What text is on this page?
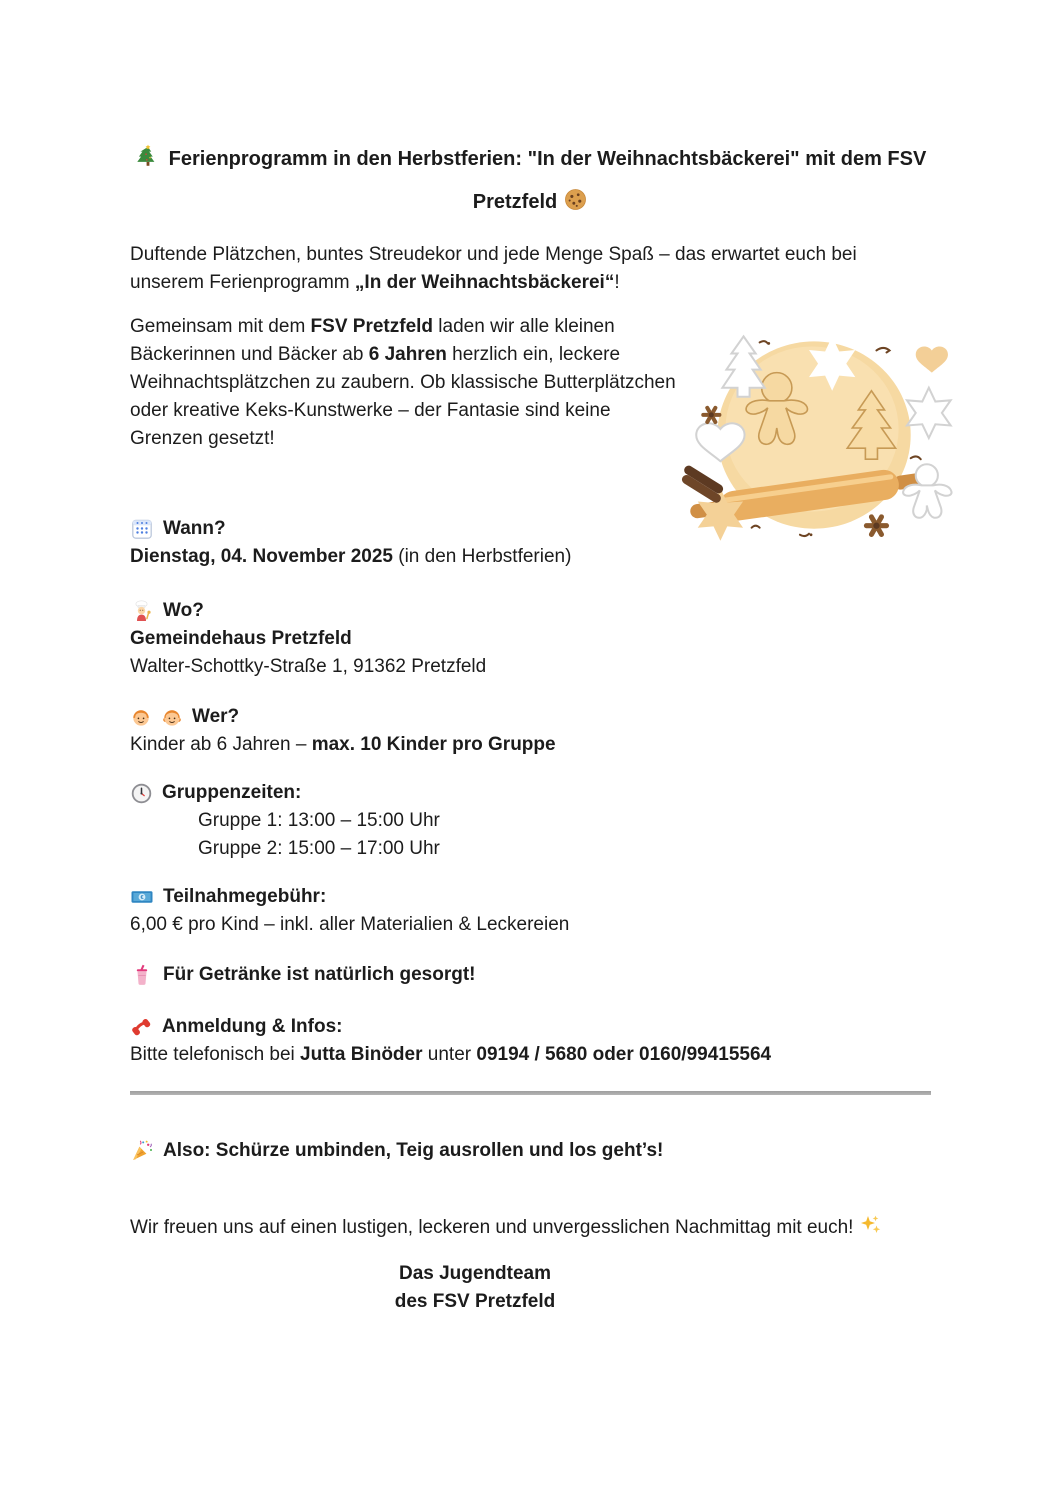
Ferienprogramm in den Herbstferien: "In der Weihnachtsbäckerei" mit dem FSV
Pretzfeld

Duftende Plätzchen, buntes Streudekor und jede Menge Spaß – das erwartet euch bei unserem Ferienprogramm „In der Weihnachtsbäckerei“!

Gemeinsam mit dem FSV Pretzfeld laden wir alle kleinen Bäckerinnen und Bäcker ab 6 Jahren herzlich ein, leckere Weihnachtsplätzchen zu zaubern. Ob klassische Butterplätzchen oder kreative Keks-Kunstwerke – der Fantasie sind keine Grenzen gesetzt!

Wann?
Dienstag, 04. November 2025 (in den Herbstferien)
Wo?
Gemeindehaus Pretzfeld
Walter-Schottky-Straße 1, 91362 Pretzfeld
Wer?
Kinder ab 6 Jahren – max. 10 Kinder pro Gruppe
Gruppenzeiten:
Gruppe 1: 13:00 – 15:00 Uhr
Gruppe 2: 15:00 – 17:00 Uhr
€ Teilnahmegebühr:
6,00 € pro Kind – inkl. aller Materialien & Leckereien
Für Getränke ist natürlich gesorgt!
Anmeldung & Infos:
Bitte telefonisch bei Jutta Binöder unter 09194 / 5680 oder 0160/99415564
Also: Schürze umbinden, Teig ausrollen und los geht’s!

Wir freuen uns auf einen lustigen, leckeren und unvergesslichen Nachmittag mit euch!

Das Jugendteam
des FSV Pretzfeld
